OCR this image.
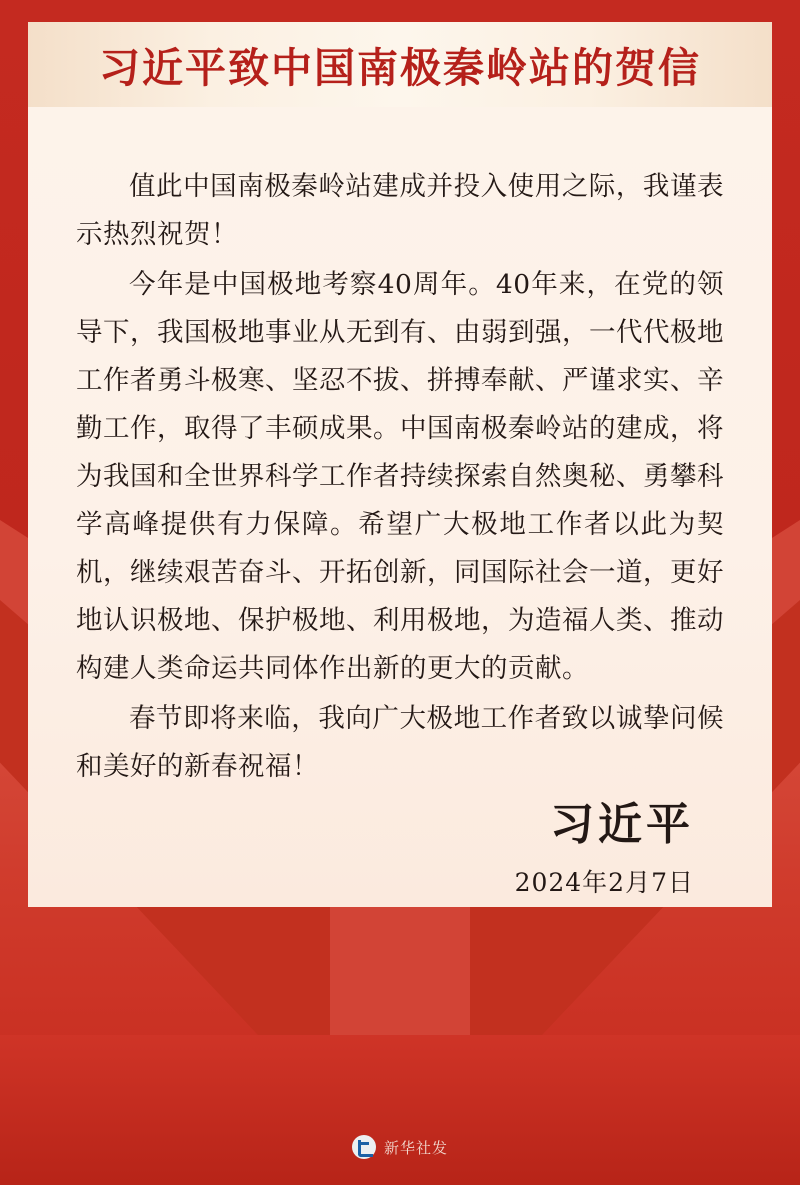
习近平致中国南极秦岭站的贺信

值此中国南极秦岭站建成并投入使用之际，我谨表示热烈祝贺！

今年是中国极地考察40周年。40年来，在党的领导下，我国极地事业从无到有、由弱到强，一代代极地工作者勇斗极寒、坚忍不拔、拼搏奉献、严谨求实、辛勤工作，取得了丰硕成果。中国南极秦岭站的建成，将为我国和全世界科学工作者持续探索自然奥秘、勇攀科学高峰提供有力保障。希望广大极地工作者以此为契机，继续艰苦奋斗、开拓创新，同国际社会一道，更好地认识极地、保护极地、利用极地，为造福人类、推动构建人类命运共同体作出新的更大的贡献。

春节即将来临，我向广大极地工作者致以诚挚问候和美好的新春祝福！

习近平
2024年2月7日
新华社发
